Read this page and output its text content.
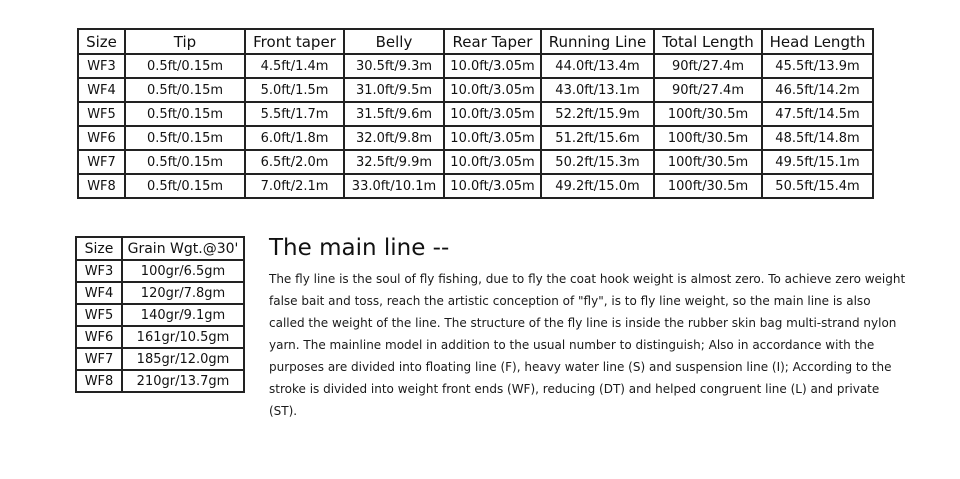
Size	Tip	Front taper	Belly	Rear Taper	Running Line	Total Length	Head Length
WF3	0.5ft/0.15m	4.5ft/1.4m	30.5ft/9.3m	10.0ft/3.05m	44.0ft/13.4m	90ft/27.4m	45.5ft/13.9m
WF4	0.5ft/0.15m	5.0ft/1.5m	31.0ft/9.5m	10.0ft/3.05m	43.0ft/13.1m	90ft/27.4m	46.5ft/14.2m
WF5	0.5ft/0.15m	5.5ft/1.7m	31.5ft/9.6m	10.0ft/3.05m	52.2ft/15.9m	100ft/30.5m	47.5ft/14.5m
WF6	0.5ft/0.15m	6.0ft/1.8m	32.0ft/9.8m	10.0ft/3.05m	51.2ft/15.6m	100ft/30.5m	48.5ft/14.8m
WF7	0.5ft/0.15m	6.5ft/2.0m	32.5ft/9.9m	10.0ft/3.05m	50.2ft/15.3m	100ft/30.5m	49.5ft/15.1m
WF8	0.5ft/0.15m	7.0ft/2.1m	33.0ft/10.1m	10.0ft/3.05m	49.2ft/15.0m	100ft/30.5m	50.5ft/15.4m
Size	Grain Wgt.@30'
WF3	100gr/6.5gm
WF4	120gr/7.8gm
WF5	140gr/9.1gm
WF6	161gr/10.5gm
WF7	185gr/12.0gm
WF8	210gr/13.7gm
The main line --

The fly line is the soul of fly fishing, due to fly the coat hook weight is almost zero. To achieve zero weight false bait and toss, reach the artistic conception of "fly", is to fly line weight, so the main line is also called the weight of the line. The structure of the fly line is inside the rubber skin bag multi-strand nylon yarn. The mainline model in addition to the usual number to distinguish; Also in accordance with the purposes are divided into floating line (F), heavy water line (S) and suspension line (I); According to the stroke is divided into weight front ends (WF), reducing (DT) and helped congruent line (L) and private (ST).
